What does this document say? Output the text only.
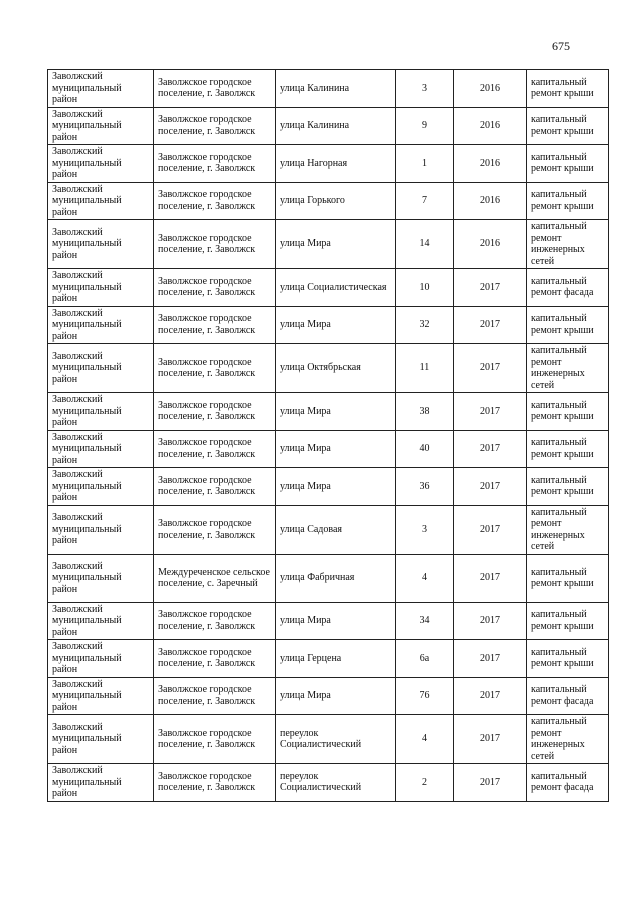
675
Заволжский муниципальный район	Заволжское городское поселение, г. Заволжск	улица Калинина	3	2016	капитальный ремонт крыши
Заволжский муниципальный район	Заволжское городское поселение, г. Заволжск	улица Калинина	9	2016	капитальный ремонт крыши
Заволжский муниципальный район	Заволжское городское поселение, г. Заволжск	улица Нагорная	1	2016	капитальный ремонт крыши
Заволжский муниципальный район	Заволжское городское поселение, г. Заволжск	улица Горького	7	2016	капитальный ремонт крыши
Заволжский муниципальный район	Заволжское городское поселение, г. Заволжск	улица Мира	14	2016	капитальный ремонт инженерных сетей
Заволжский муниципальный район	Заволжское городское поселение, г. Заволжск	улица Социалистическая	10	2017	капитальный ремонт фасада
Заволжский муниципальный район	Заволжское городское поселение, г. Заволжск	улица Мира	32	2017	капитальный ремонт крыши
Заволжский муниципальный район	Заволжское городское поселение, г. Заволжск	улица Октябрьская	11	2017	капитальный ремонт инженерных сетей
Заволжский муниципальный район	Заволжское городское поселение, г. Заволжск	улица Мира	38	2017	капитальный ремонт крыши
Заволжский муниципальный район	Заволжское городское поселение, г. Заволжск	улица Мира	40	2017	капитальный ремонт крыши
Заволжский муниципальный район	Заволжское городское поселение, г. Заволжск	улица Мира	36	2017	капитальный ремонт крыши
Заволжский муниципальный район	Заволжское городское поселение, г. Заволжск	улица Садовая	3	2017	капитальный ремонт инженерных сетей
Заволжский муниципальный район	Междуреченское сельское поселение, с. Заречный	улица Фабричная	4	2017	капитальный ремонт крыши
Заволжский муниципальный район	Заволжское городское поселение, г. Заволжск	улица Мира	34	2017	капитальный ремонт крыши
Заволжский муниципальный район	Заволжское городское поселение, г. Заволжск	улица Герцена	6а	2017	капитальный ремонт крыши
Заволжский муниципальный район	Заволжское городское поселение, г. Заволжск	улица Мира	76	2017	капитальный ремонт фасада
Заволжский муниципальный район	Заволжское городское поселение, г. Заволжск	переулок Социалистический	4	2017	капитальный ремонт инженерных сетей
Заволжский муниципальный район	Заволжское городское поселение, г. Заволжск	переулок Социалистический	2	2017	капитальный ремонт фасада
